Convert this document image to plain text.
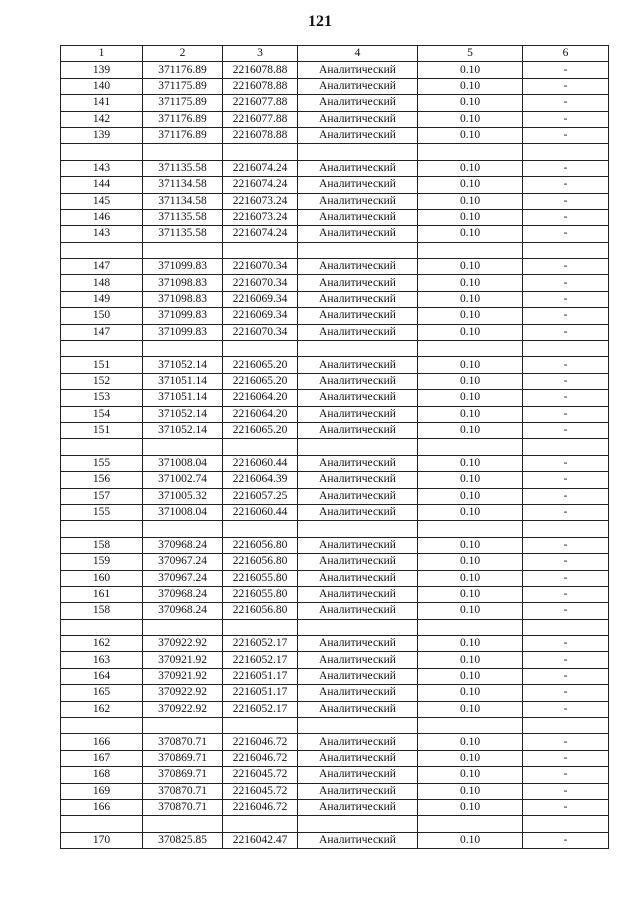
121
1	2	3	4	5	6
139	371176.89	2216078.88	Аналитический	0.10	-
140	371175.89	2216078.88	Аналитический	0.10	-
141	371175.89	2216077.88	Аналитический	0.10	-
142	371176.89	2216077.88	Аналитический	0.10	-
139	371176.89	2216078.88	Аналитический	0.10	-

143	371135.58	2216074.24	Аналитический	0.10	-
144	371134.58	2216074.24	Аналитический	0.10	-
145	371134.58	2216073.24	Аналитический	0.10	-
146	371135.58	2216073.24	Аналитический	0.10	-
143	371135.58	2216074.24	Аналитический	0.10	-

147	371099.83	2216070.34	Аналитический	0.10	-
148	371098.83	2216070.34	Аналитический	0.10	-
149	371098.83	2216069.34	Аналитический	0.10	-
150	371099.83	2216069.34	Аналитический	0.10	-
147	371099.83	2216070.34	Аналитический	0.10	-

151	371052.14	2216065.20	Аналитический	0.10	-
152	371051.14	2216065.20	Аналитический	0.10	-
153	371051.14	2216064.20	Аналитический	0.10	-
154	371052.14	2216064.20	Аналитический	0.10	-
151	371052.14	2216065.20	Аналитический	0.10	-

155	371008.04	2216060.44	Аналитический	0.10	-
156	371002.74	2216064.39	Аналитический	0.10	-
157	371005.32	2216057.25	Аналитический	0.10	-
155	371008.04	2216060.44	Аналитический	0.10	-

158	370968.24	2216056.80	Аналитический	0.10	-
159	370967.24	2216056.80	Аналитический	0.10	-
160	370967.24	2216055.80	Аналитический	0.10	-
161	370968.24	2216055.80	Аналитический	0.10	-
158	370968.24	2216056.80	Аналитический	0.10	-

162	370922.92	2216052.17	Аналитический	0.10	-
163	370921.92	2216052.17	Аналитический	0.10	-
164	370921.92	2216051.17	Аналитический	0.10	-
165	370922.92	2216051.17	Аналитический	0.10	-
162	370922.92	2216052.17	Аналитический	0.10	-

166	370870.71	2216046.72	Аналитический	0.10	-
167	370869.71	2216046.72	Аналитический	0.10	-
168	370869.71	2216045.72	Аналитический	0.10	-
169	370870.71	2216045.72	Аналитический	0.10	-
166	370870.71	2216046.72	Аналитический	0.10	-

170	370825.85	2216042.47	Аналитический	0.10	-
